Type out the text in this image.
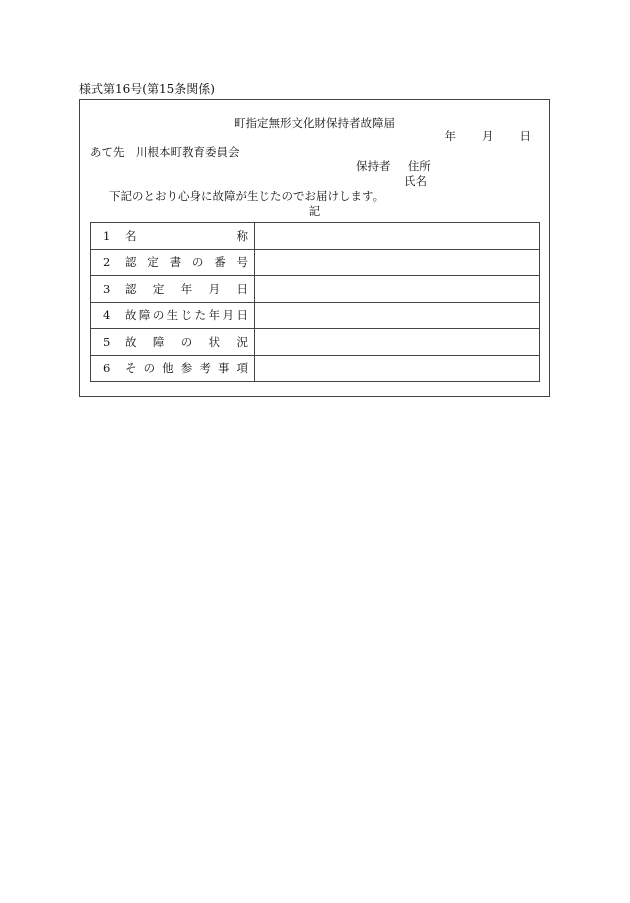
様式第16号(第15条関係)
町指定無形文化財保持者故障届
年 月 日
あて先　川根本町教育委員会
保持者 住所
氏名
下記のとおり心身に故障が生じたのでお届けします。
記
1 名称	

2 認定書の番号	

3 認定年月日	

4 故障の生じた年月日	

5 故障の状況	

6 その他参考事項	
